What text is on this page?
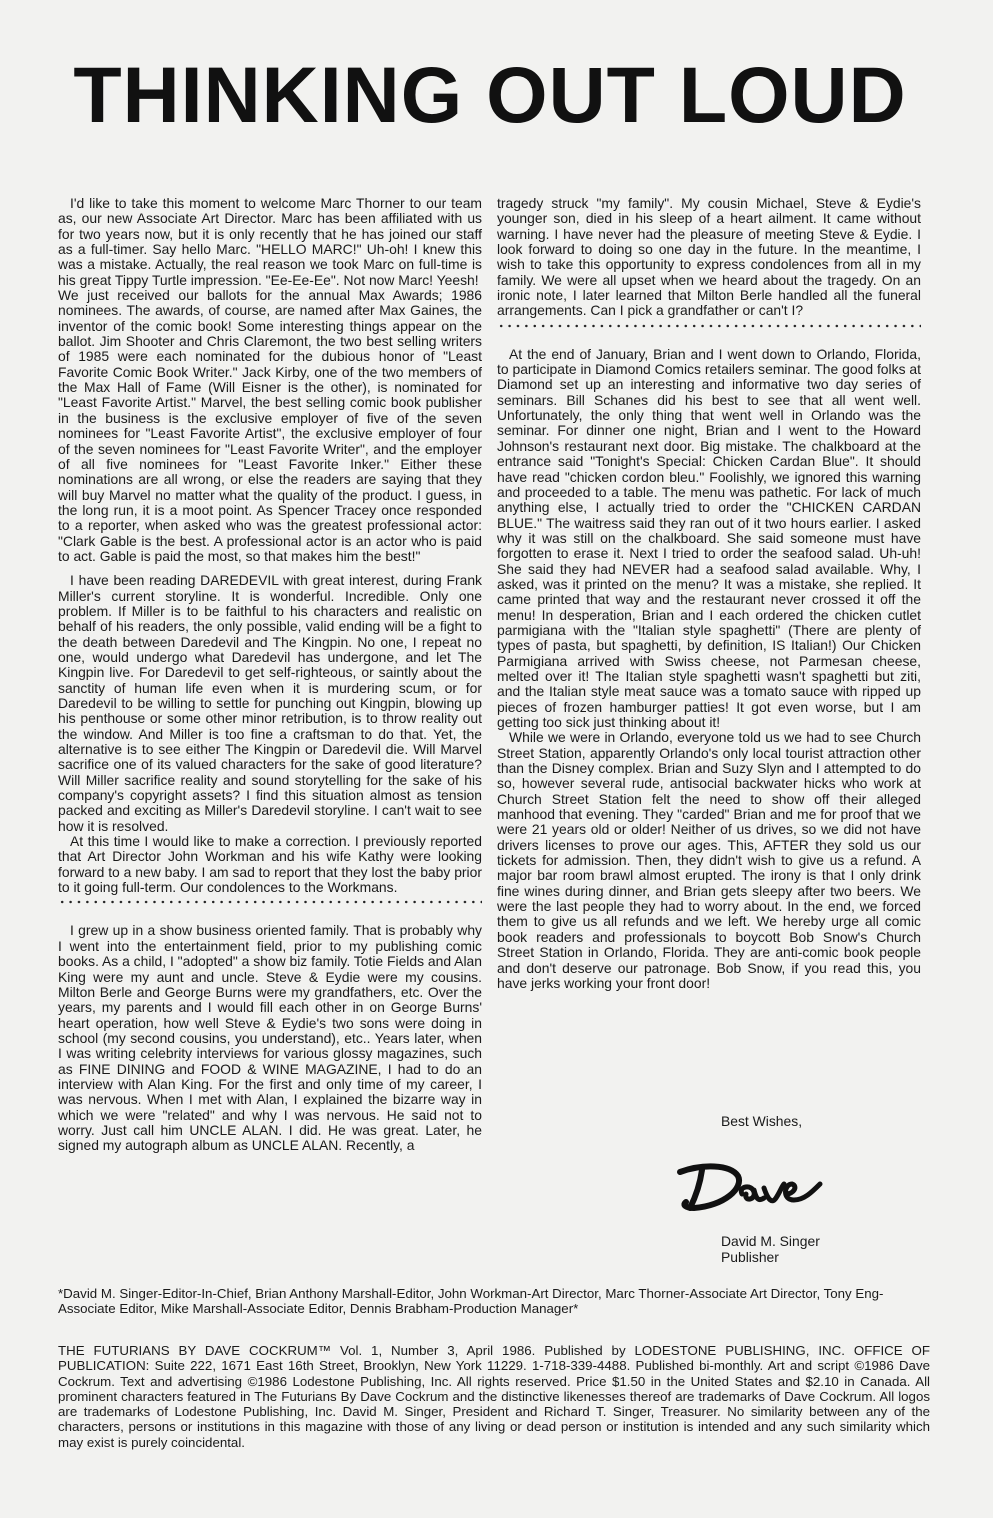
THINKING OUT LOUD

I'd like to take this moment to welcome Marc Thorner to our team as, our new Associate Art Director. Marc has been affiliated with us for two years now, but it is only recently that he has joined our staff as a full-timer. Say hello Marc. "HELLO MARC!" Uh-oh! I knew this was a mistake. Actually, the real reason we took Marc on full-time is his great Tippy Turtle impression. "Ee-Ee-Ee". Not now Marc! Yeesh!

We just received our ballots for the annual Max Awards; 1986 nominees. The awards, of course, are named after Max Gaines, the inventor of the comic book! Some interesting things appear on the ballot. Jim Shooter and Chris Claremont, the two best selling writers of 1985 were each nominated for the dubious honor of "Least Favorite Comic Book Writer." Jack Kirby, one of the two members of the Max Hall of Fame (Will Eisner is the other), is nominated for "Least Favorite Artist." Marvel, the best selling comic book publisher in the business is the exclusive employer of five of the seven nominees for "Least Favorite Artist", the exclusive employer of four of the seven nominees for "Least Favorite Writer", and the employer of all five nominees for "Least Favorite Inker." Either these nominations are all wrong, or else the readers are saying that they will buy Marvel no matter what the quality of the product. I guess, in the long run, it is a moot point. As Spencer Tracey once responded to a reporter, when asked who was the greatest professional actor: "Clark Gable is the best. A professional actor is an actor who is paid to act. Gable is paid the most, so that makes him the best!"

I have been reading DAREDEVIL with great interest, during Frank Miller's current storyline. It is wonderful. Incredible. Only one problem. If Miller is to be faithful to his characters and realistic on behalf of his readers, the only possible, valid ending will be a fight to the death between Daredevil and The Kingpin. No one, I repeat no one, would undergo what Daredevil has undergone, and let The Kingpin live. For Daredevil to get self-righteous, or saintly about the sanctity of human life even when it is murdering scum, or for Daredevil to be willing to settle for punching out Kingpin, blowing up his penthouse or some other minor retribution, is to throw reality out the window. And Miller is too fine a craftsman to do that. Yet, the alternative is to see either The Kingpin or Daredevil die. Will Marvel sacrifice one of its valued characters for the sake of good literature? Will Miller sacrifice reality and sound storytelling for the sake of his company's copyright assets? I find this situation almost as tension packed and exciting as Miller's Daredevil storyline. I can't wait to see how it is resolved.

At this time I would like to make a correction. I previously reported that Art Director John Workman and his wife Kathy were looking forward to a new baby. I am sad to report that they lost the baby prior to it going full-term. Our condolences to the Workmans.

I grew up in a show business oriented family. That is probably why I went into the entertainment field, prior to my publishing comic books. As a child, I "adopted" a show biz family. Totie Fields and Alan King were my aunt and uncle. Steve & Eydie were my cousins. Milton Berle and George Burns were my grandfathers, etc. Over the years, my parents and I would fill each other in on George Burns' heart operation, how well Steve & Eydie's two sons were doing in school (my second cousins, you understand), etc.. Years later, when I was writing celebrity interviews for various glossy magazines, such as FINE DINING and FOOD & WINE MAGAZINE, I had to do an interview with Alan King. For the first and only time of my career, I was nervous. When I met with Alan, I explained the bizarre way in which we were "related" and why I was nervous. He said not to worry. Just call him UNCLE ALAN. I did. He was great. Later, he signed my autograph album as UNCLE ALAN. Recently, a

tragedy struck "my family". My cousin Michael, Steve & Eydie's younger son, died in his sleep of a heart ailment. It came without warning. I have never had the pleasure of meeting Steve & Eydie. I look forward to doing so one day in the future. In the meantime, I wish to take this opportunity to express condolences from all in my family. We were all upset when we heard about the tragedy. On an ironic note, I later learned that Milton Berle handled all the funeral arrangements. Can I pick a grandfather or can't I?

At the end of January, Brian and I went down to Orlando, Florida, to participate in Diamond Comics retailers seminar. The good folks at Diamond set up an interesting and informative two day series of seminars. Bill Schanes did his best to see that all went well. Unfortunately, the only thing that went well in Orlando was the seminar. For dinner one night, Brian and I went to the Howard Johnson's restaurant next door. Big mistake. The chalkboard at the entrance said "Tonight's Special: Chicken Cardan Blue". It should have read "chicken cordon bleu." Foolishly, we ignored this warning and proceeded to a table. The menu was pathetic. For lack of much anything else, I actually tried to order the "CHICKEN CARDAN BLUE." The waitress said they ran out of it two hours earlier. I asked why it was still on the chalkboard. She said someone must have forgotten to erase it. Next I tried to order the seafood salad. Uh-uh! She said they had NEVER had a seafood salad available. Why, I asked, was it printed on the menu? It was a mistake, she replied. It came printed that way and the restaurant never crossed it off the menu! In desperation, Brian and I each ordered the chicken cutlet parmigiana with the "Italian style spaghetti" (There are plenty of types of pasta, but spaghetti, by definition, IS Italian!) Our Chicken Parmigiana arrived with Swiss cheese, not Parmesan cheese, melted over it! The Italian style spaghetti wasn't spaghetti but ziti, and the Italian style meat sauce was a tomato sauce with ripped up pieces of frozen hamburger patties! It got even worse, but I am getting too sick just thinking about it!

While we were in Orlando, everyone told us we had to see Church Street Station, apparently Orlando's only local tourist attraction other than the Disney complex. Brian and Suzy Slyn and I attempted to do so, however several rude, antisocial backwater hicks who work at Church Street Station felt the need to show off their alleged manhood that evening. They "carded" Brian and me for proof that we were 21 years old or older! Neither of us drives, so we did not have drivers licenses to prove our ages. This, AFTER they sold us our tickets for admission. Then, they didn't wish to give us a refund. A major bar room brawl almost erupted. The irony is that I only drink fine wines during dinner, and Brian gets sleepy after two beers. We were the last people they had to worry about. In the end, we forced them to give us all refunds and we left. We hereby urge all comic book readers and professionals to boycott Bob Snow's Church Street Station in Orlando, Florida. They are anti-comic book people and don't deserve our patronage. Bob Snow, if you read this, you have jerks working your front door!

Best Wishes,
David M. Singer
Publisher
*David M. Singer-Editor-In-Chief, Brian Anthony Marshall-Editor, John Workman-Art Director, Marc Thorner-Associate Art Director, Tony Eng-Associate Editor, Mike Marshall-Associate Editor, Dennis Brabham-Production Manager*
THE FUTURIANS BY DAVE COCKRUM™ Vol. 1, Number 3, April 1986. Published by LODESTONE PUBLISHING, INC. OFFICE OF PUBLICATION: Suite 222, 1671 East 16th Street, Brooklyn, New York 11229. 1-718-339-4488. Published bi-monthly. Art and script ©1986 Dave Cockrum. Text and advertising ©1986 Lodestone Publishing, Inc. All rights reserved. Price $1.50 in the United States and $2.10 in Canada. All prominent characters featured in The Futurians By Dave Cockrum and the distinctive likenesses thereof are trademarks of Dave Cockrum. All logos are trademarks of Lodestone Publishing, Inc. David M. Singer, President and Richard T. Singer, Treasurer. No similarity between any of the characters, persons or institutions in this magazine with those of any living or dead person or institution is intended and any such similarity which may exist is purely coincidental.
